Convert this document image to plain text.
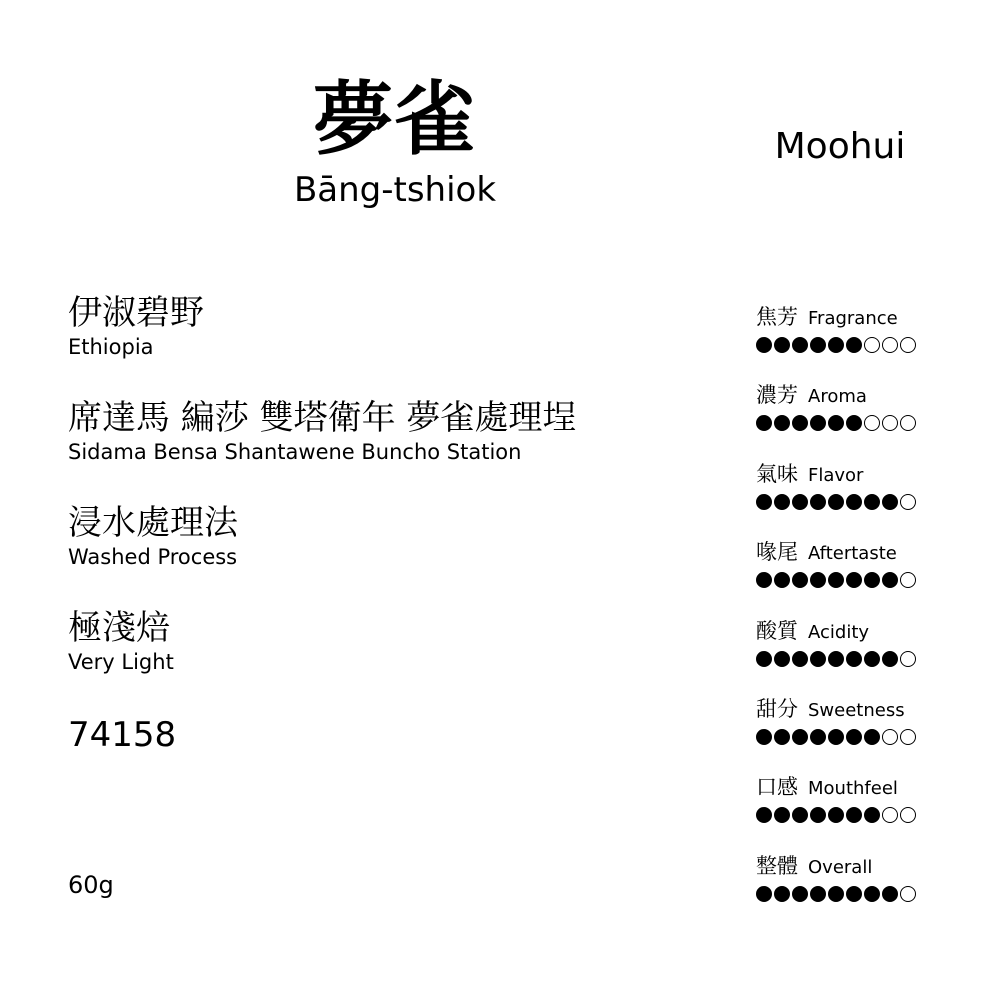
夢雀
Bāng-tshiok
Moohui
伊淑碧野
Ethiopia
席達馬 編莎 雙塔衛年 夢雀處理埕
Sidama Bensa Shantawene Buncho Station
浸水處理法
Washed Process
極淺焙
Very Light
74158
60g
焦芳 Fragrance
濃芳 Aroma
氣味 Flavor
喙尾 Aftertaste
酸質 Acidity
甜分 Sweetness
口感 Mouthfeel
整體 Overall
